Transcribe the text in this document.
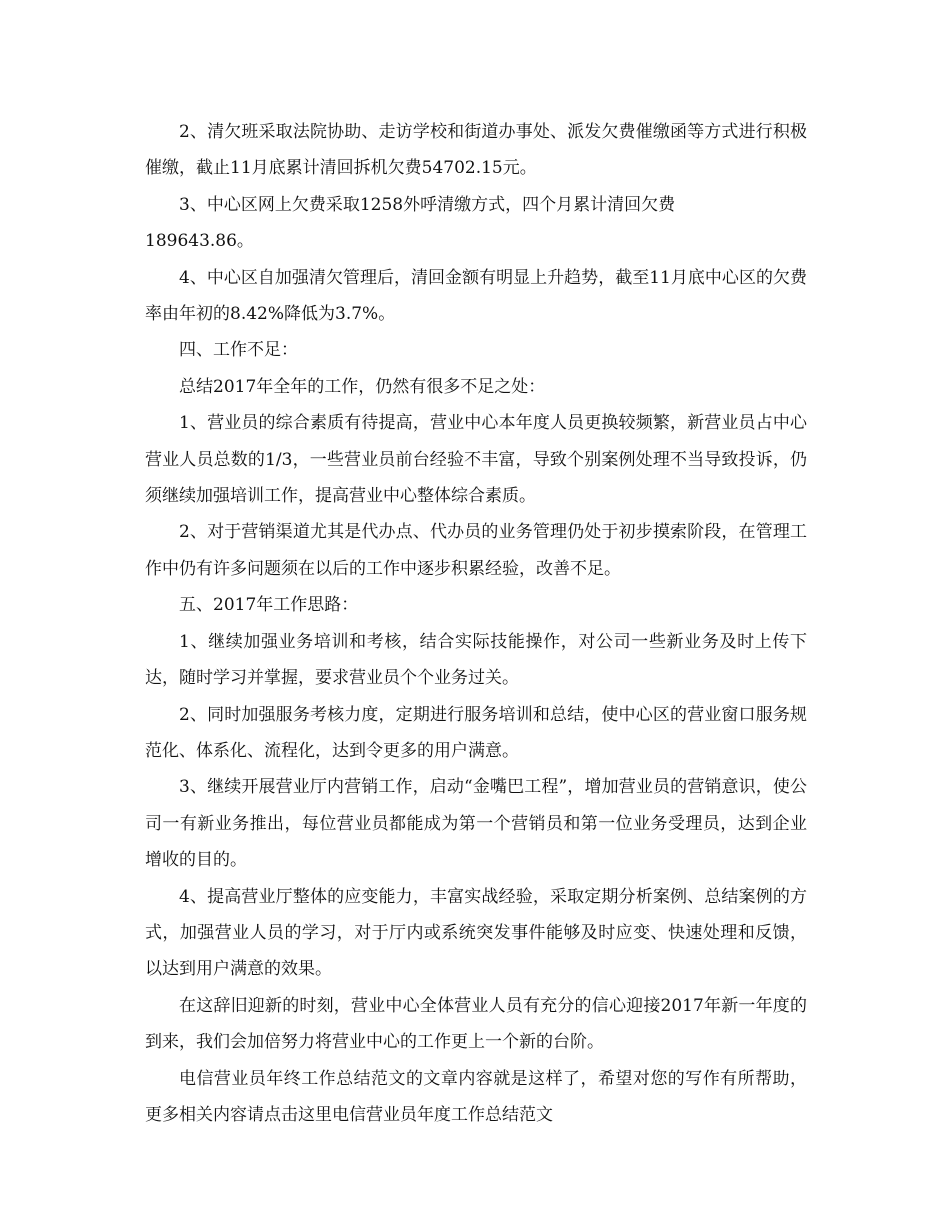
2、清欠班采取法院协助、走访学校和街道办事处、派发欠费催缴函等方式进行积极催缴，截止11月底累计清回拆机欠费54702.15元。

3、中心区网上欠费采取1258外呼清缴方式，四个月累计清回欠费

189643.86。

4、中心区自加强清欠管理后，清回金额有明显上升趋势，截至11月底中心区的欠费率由年初的8.42%降低为3.7%。

四、工作不足：

总结2017年全年的工作，仍然有很多不足之处：

1、营业员的综合素质有待提高，营业中心本年度人员更换较频繁，新营业员占中心营业人员总数的1/3，一些营业员前台经验不丰富，导致个别案例处理不当导致投诉，仍须继续加强培训工作，提高营业中心整体综合素质。

2、对于营销渠道尤其是代办点、代办员的业务管理仍处于初步摸索阶段，在管理工作中仍有许多问题须在以后的工作中逐步积累经验，改善不足。

五、2017年工作思路：

1、继续加强业务培训和考核，结合实际技能操作，对公司一些新业务及时上传下达，随时学习并掌握，要求营业员个个业务过关。

2、同时加强服务考核力度，定期进行服务培训和总结，使中心区的营业窗口服务规范化、体系化、流程化，达到令更多的用户满意。

3、继续开展营业厅内营销工作，启动“金嘴巴工程”，增加营业员的营销意识，使公司一有新业务推出，每位营业员都能成为第一个营销员和第一位业务受理员，达到企业增收的目的。

4、提高营业厅整体的应变能力，丰富实战经验，采取定期分析案例、总结案例的方式，加强营业人员的学习，对于厅内或系统突发事件能够及时应变、快速处理和反馈，以达到用户满意的效果。

在这辞旧迎新的时刻，营业中心全体营业人员有充分的信心迎接2017年新一年度的到来，我们会加倍努力将营业中心的工作更上一个新的台阶。

电信营业员年终工作总结范文的文章内容就是这样了，希望对您的写作有所帮助，更多相关内容请点击这里电信营业员年度工作总结范文
